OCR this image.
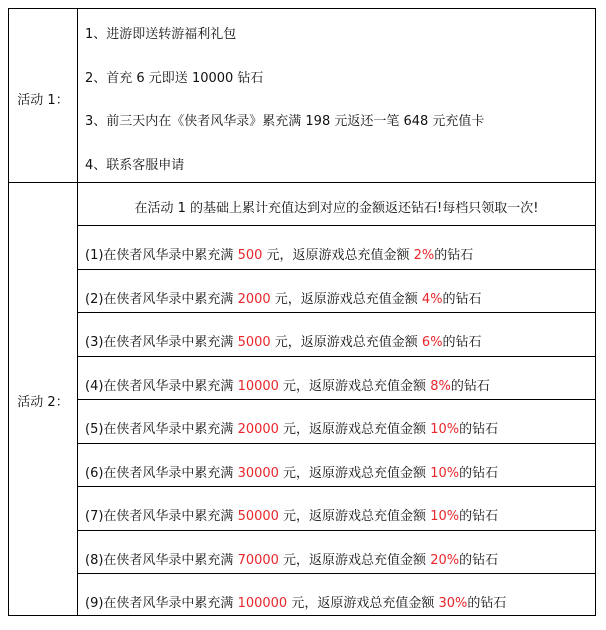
活动 1：
1、进游即送转游福利礼包
2、首充 6 元即送 10000 钻石
3、前三天内在《侠者风华录》累充满 198 元返还一笔 648 元充值卡
4、联系客服申请
活动 2：
在活动 1 的基础上累计充值达到对应的金额返还钻石!每档只领取一次!
(1)在侠者风华录中累充满 500 元，返原游戏总充值金额 2%的钻石
(2)在侠者风华录中累充满 2000 元，返原游戏总充值金额 4%的钻石
(3)在侠者风华录中累充满 5000 元，返原游戏总充值金额 6%的钻石
(4)在侠者风华录中累充满 10000 元，返原游戏总充值金额 8%的钻石
(5)在侠者风华录中累充满 20000 元，返原游戏总充值金额 10%的钻石
(6)在侠者风华录中累充满 30000 元，返原游戏总充值金额 10%的钻石
(7)在侠者风华录中累充满 50000 元，返原游戏总充值金额 10%的钻石
(8)在侠者风华录中累充满 70000 元，返原游戏总充值金额 20%的钻石
(9)在侠者风华录中累充满 100000 元，返原游戏总充值金额 30%的钻石
